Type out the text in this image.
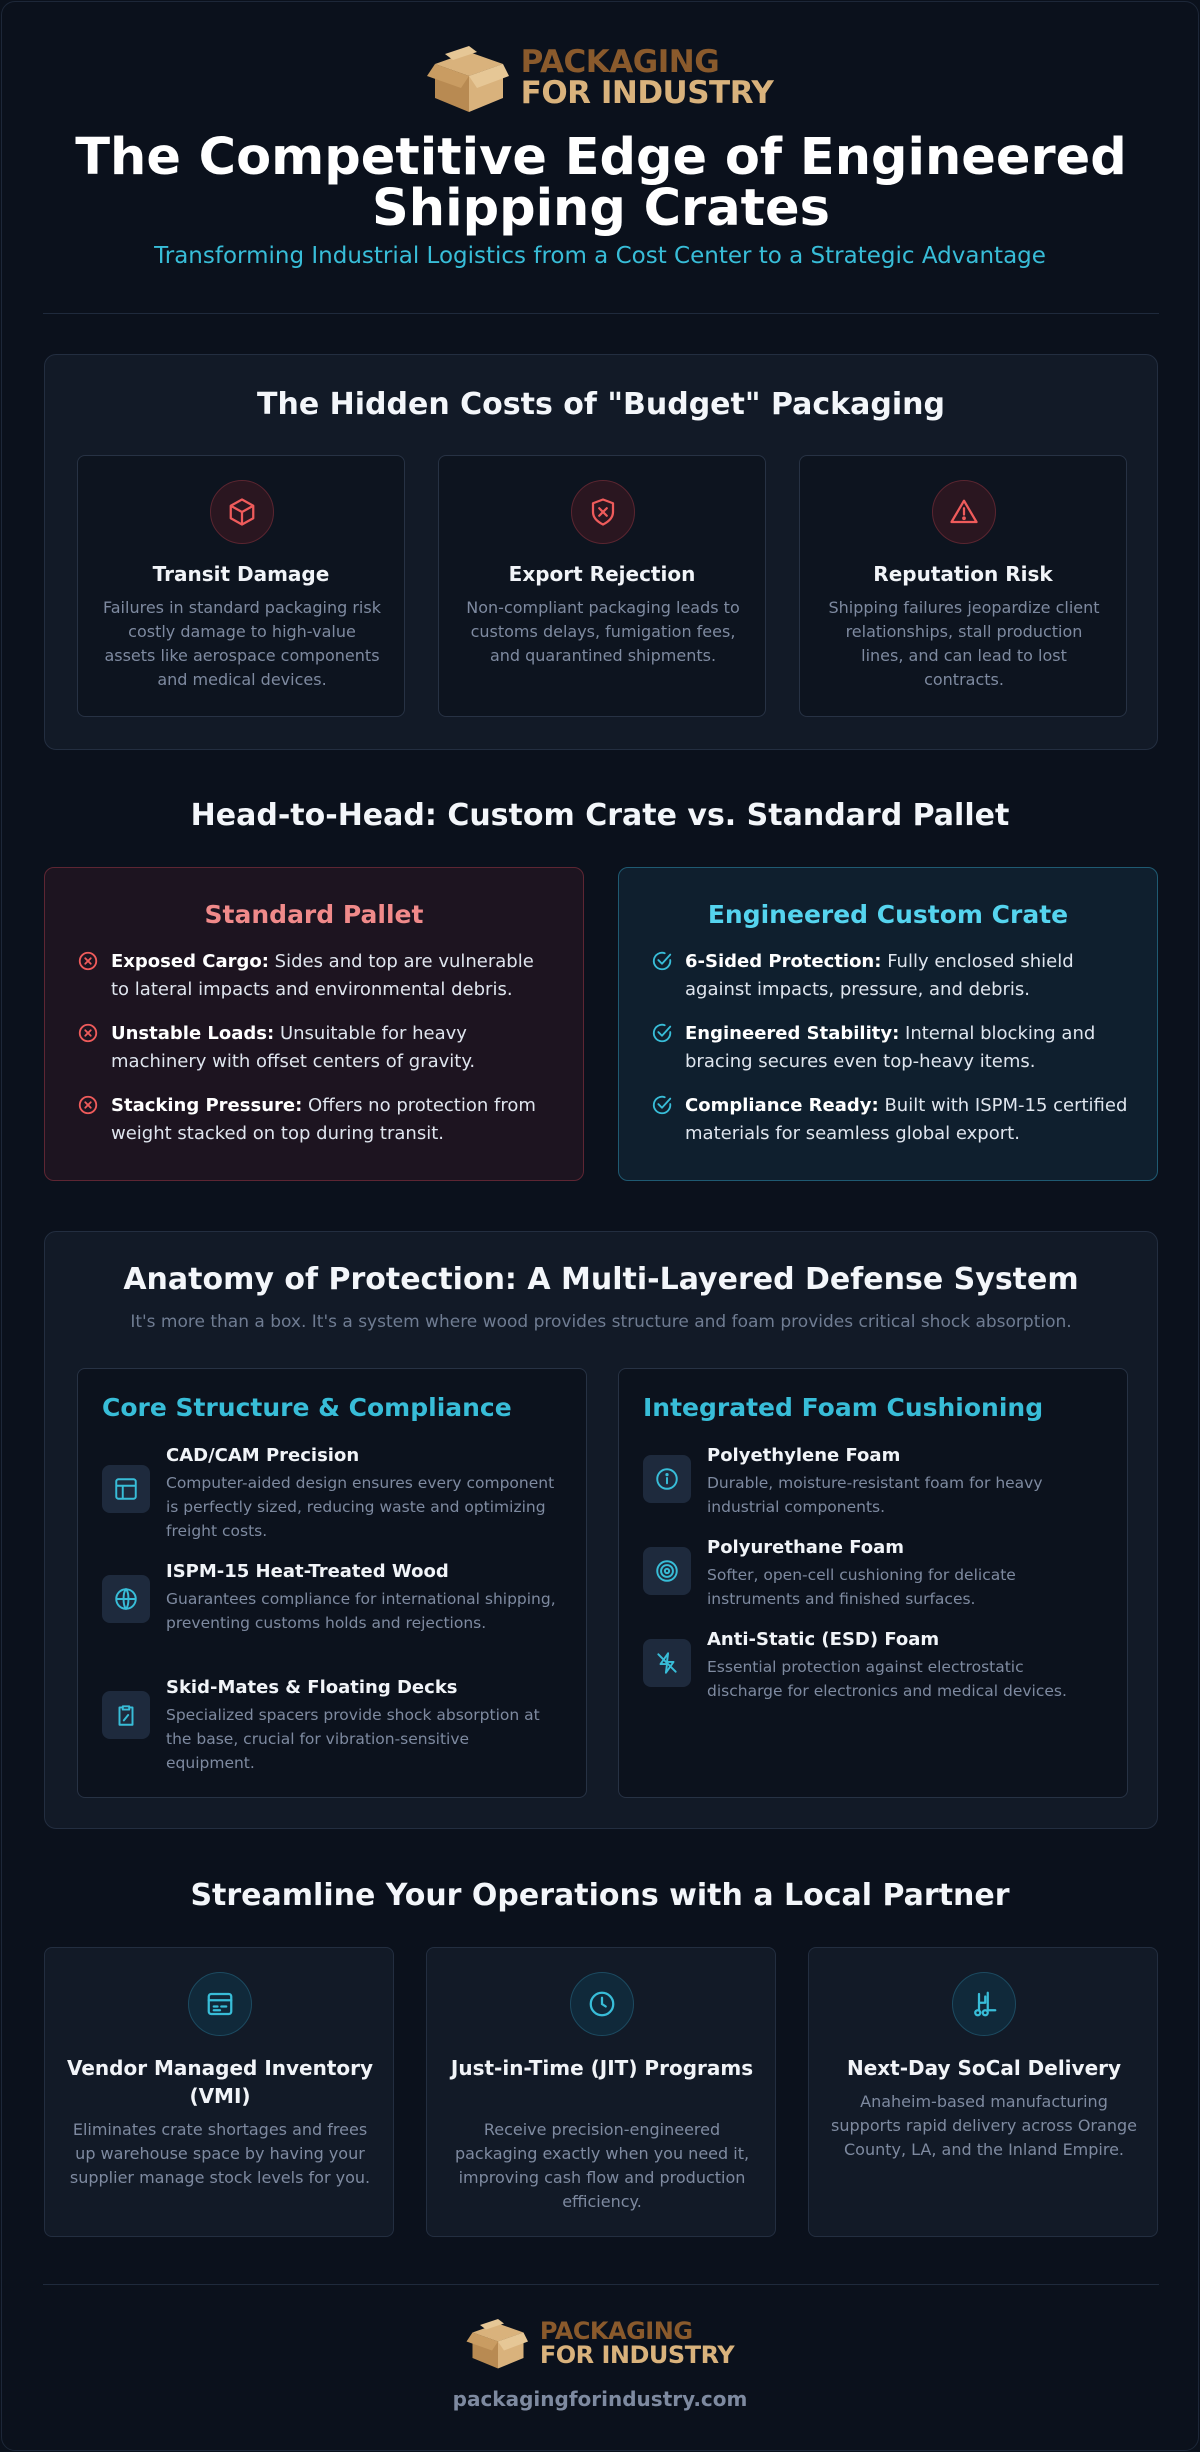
PACKAGING
FOR INDUSTRY
The Competitive Edge of Engineered Shipping Crates
Transforming Industrial Logistics from a Cost Center to a Strategic Advantage
The Hidden Costs of "Budget" Packaging
Transit Damage

Failures in standard packaging risk costly damage to high-value assets like aerospace components and medical devices.

Export Rejection

Non-compliant packaging leads to customs delays, fumigation fees, and quarantined shipments.

Reputation Risk

Shipping failures jeopardize client relationships, stall production lines, and can lead to lost contracts.

Head-to-Head: Custom Crate vs. Standard Pallet
Standard Pallet
Exposed Cargo: Sides and top are vulnerable to lateral impacts and environmental debris.
Unstable Loads: Unsuitable for heavy machinery with offset centers of gravity.
Stacking Pressure: Offers no protection from weight stacked on top during transit.
Engineered Custom Crate
6-Sided Protection: Fully enclosed shield against impacts, pressure, and debris.
Engineered Stability: Internal blocking and bracing secures even top-heavy items.
Compliance Ready: Built with ISPM-15 certified materials for seamless global export.
Anatomy of Protection: A Multi-Layered Defense System
It's more than a box. It's a system where wood provides structure and foam provides critical shock absorption.
Core Structure & Compliance
CAD/CAM Precision

Computer-aided design ensures every component is perfectly sized, reducing waste and optimizing freight costs.

ISPM-15 Heat-Treated Wood

Guarantees compliance for international shipping, preventing customs holds and rejections.

Skid-Mates & Floating Decks

Specialized spacers provide shock absorption at the base, crucial for vibration-sensitive equipment.

Integrated Foam Cushioning
Polyethylene Foam

Durable, moisture-resistant foam for heavy industrial components.

Polyurethane Foam

Softer, open-cell cushioning for delicate instruments and finished surfaces.

Anti-Static (ESD) Foam

Essential protection against electrostatic discharge for electronics and medical devices.

Streamline Your Operations with a Local Partner
Vendor Managed Inventory (VMI)

Eliminates crate shortages and frees up warehouse space by having your supplier manage stock levels for you.

Just-in-Time (JIT) Programs

Receive precision-engineered packaging exactly when you need it, improving cash flow and production efficiency.

Next-Day SoCal Delivery

Anaheim-based manufacturing supports rapid delivery across Orange County, LA, and the Inland Empire.

PACKAGING
FOR INDUSTRY
packagingforindustry.com
